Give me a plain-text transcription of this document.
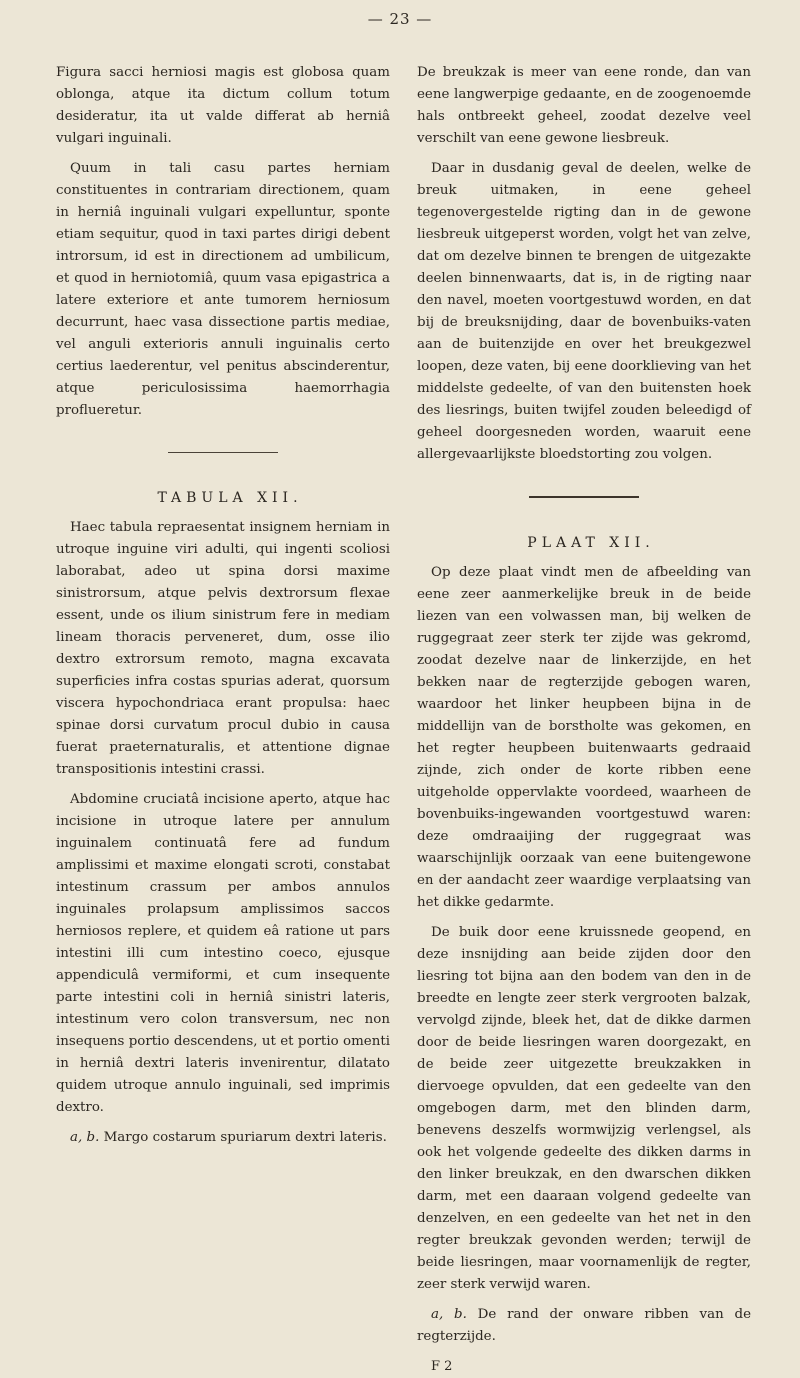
— 23 —

Figura sacci herniosi magis est globosa quam oblonga, atque ita dictum collum totum desideratur, ita ut valde differat ab herniâ vulgari inguinali.

Quum in tali casu partes herniam constituentes in contrariam directionem, quam in herniâ inguinali vulgari expelluntur, sponte etiam sequitur, quod in taxi partes dirigi debent introrsum, id est in directionem ad umbilicum, et quod in herniotomiâ, quum vasa epigastrica a latere exteriore et ante tumorem herniosum decurrunt, haec vasa dissectione partis mediae, vel anguli exterioris annuli inguinalis certo certius laederentur, vel penitus abscinderentur, atque periculosissima haemorrhagia proflueretur.

TABULA XII.

Haec tabula repraesentat insignem herniam in utroque inguine viri adulti, qui ingenti scoliosi laborabat, adeo ut spina dorsi maxime sinistrorsum, atque pelvis dextrorsum flexae essent, unde os ilium sinistrum fere in mediam lineam thoracis perveneret, dum, osse ilio dextro extrorsum remoto, magna excavata superficies infra costas spurias aderat, quorsum viscera hypochondriaca erant propulsa: haec spinae dorsi curvatum procul dubio in causa fuerat praeternaturalis, et attentione dignae transpositionis intestini crassi.

Abdomine cruciatâ incisione aperto, atque hac incisione in utroque latere per annulum inguinalem continuatâ fere ad fundum amplissimi et maxime elongati scroti, constabat intestinum crassum per ambos annulos inguinales prolapsum amplissimos saccos herniosos replere, et quidem eâ ratione ut pars intestini illi cum intestino coeco, ejusque appendiculâ vermiformi, et cum insequente parte intestini coli in herniâ sinistri lateris, intestinum vero colon transversum, nec non insequens portio descendens, ut et portio omenti in herniâ dextri lateris invenirentur, dilatato quidem utroque annulo inguinali, sed imprimis dextro.

a, b. Margo costarum spuriarum dextri lateris.

De breukzak is meer van eene ronde, dan van eene langwerpige gedaante, en de zoogenoemde hals ontbreekt geheel, zoodat dezelve veel verschilt van eene gewone liesbreuk.

Daar in dusdanig geval de deelen, welke de breuk uitmaken, in eene geheel tegenovergestelde rigting dan in de gewone liesbreuk uitgeperst worden, volgt het van zelve, dat om dezelve binnen te brengen de uitgezakte deelen binnenwaarts, dat is, in de rigting naar den navel, moeten voortgestuwd worden, en dat bij de breuksnijding, daar de bovenbuiks-vaten aan de buitenzijde en over het breukgezwel loopen, deze vaten, bij eene doorklieving van het middelste gedeelte, of van den buitensten hoek des liesrings, buiten twijfel zouden beleedigd of geheel doorgesneden worden, waaruit eene allergevaarlijkste bloedstorting zou volgen.

PLAAT XII.

Op deze plaat vindt men de afbeelding van eene zeer aanmerkelijke breuk in de beide liezen van een volwassen man, bij welken de ruggegraat zeer sterk ter zijde was gekromd, zoodat dezelve naar de linkerzijde, en het bekken naar de regterzijde gebogen waren, waardoor het linker heupbeen bijna in de middellijn van de borstholte was gekomen, en het regter heupbeen buitenwaarts gedraaid zijnde, zich onder de korte ribben eene uitgeholde oppervlakte voordeed, waarheen de bovenbuiks-ingewanden voortgestuwd waren: deze omdraaijing der ruggegraat was waarschijnlijk oorzaak van eene buitengewone en der aandacht zeer waardige verplaatsing van het dikke gedarmte.

De buik door eene kruissnede geopend, en deze insnijding aan beide zijden door den liesring tot bijna aan den bodem van den in de breedte en lengte zeer sterk vergrooten balzak, vervolgd zijnde, bleek het, dat de dikke darmen door de beide liesringen waren doorgezakt, en de beide zeer uitgezette breukzakken in diervoege opvulden, dat een gedeelte van den omgebogen darm, met den blinden darm, benevens deszelfs wormwijzig verlengsel, als ook het volgende gedeelte des dikken darms in den linker breukzak, en den dwarschen dikken darm, met een daaraan volgend gedeelte van denzelven, en een gedeelte van het net in den regter breukzak gevonden werden; terwijl de beide liesringen, maar voornamenlijk de regter, zeer sterk verwijd waren.

a, b. De rand der onware ribben van de regterzijde.

F 2
